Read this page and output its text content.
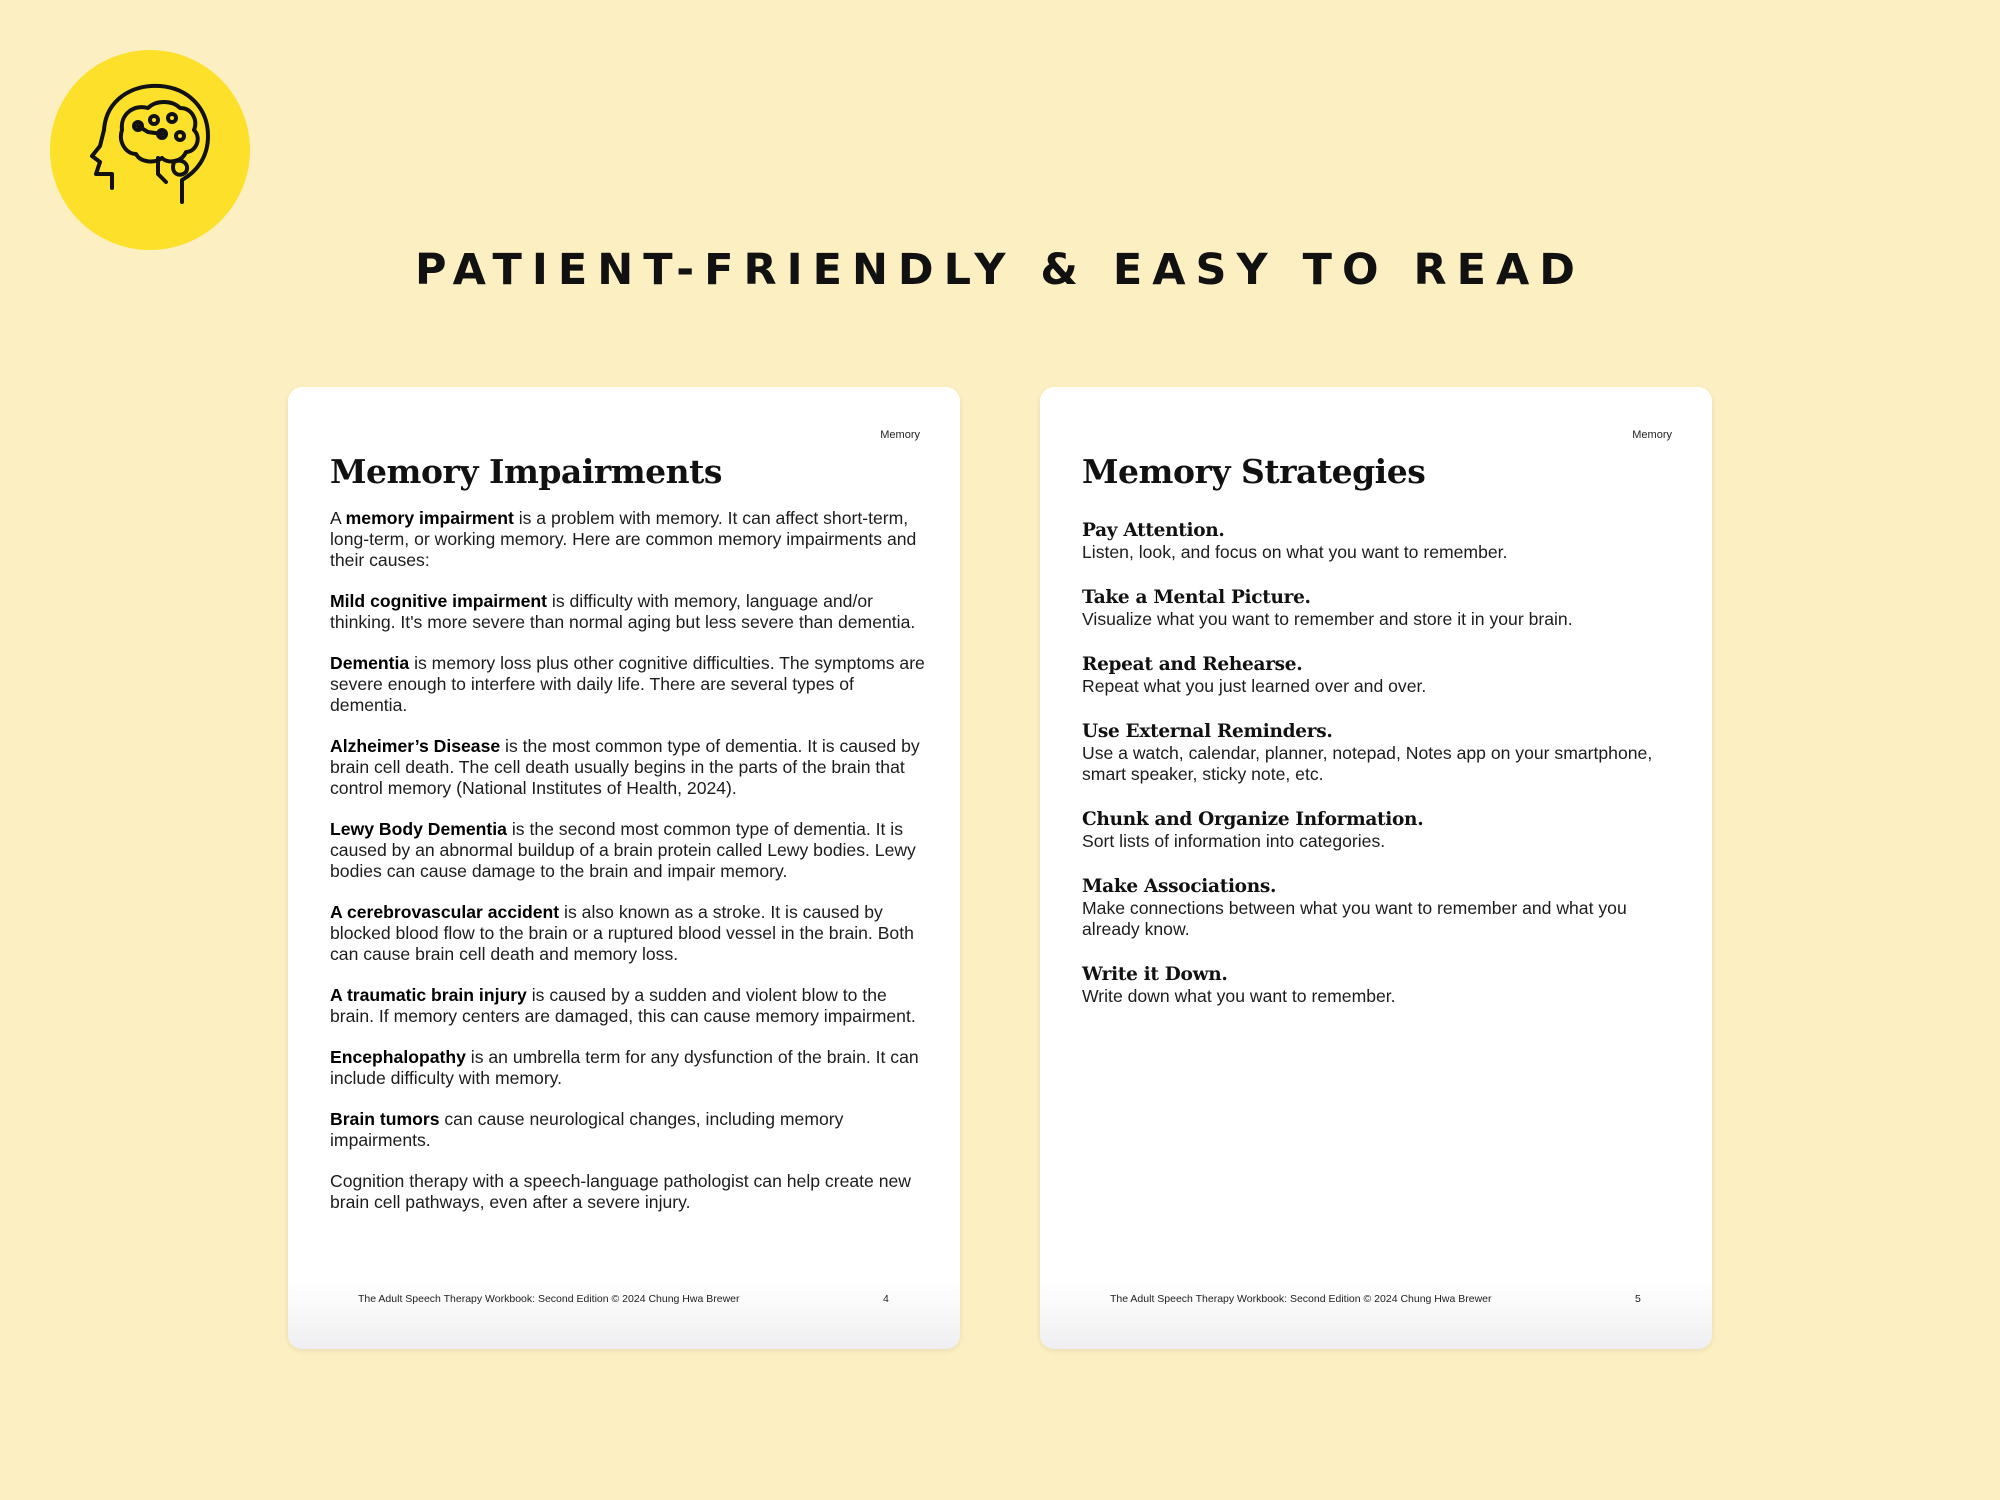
PATIENT-FRIENDLY & EASY TO READ
Memory
Memory Impairments

A memory impairment is a problem with memory. It can affect short-term, long-term, or working memory. Here are common memory impairments and their causes:

Mild cognitive impairment is difficulty with memory, language and/or thinking. It's more severe than normal aging but less severe than dementia.

Dementia is memory loss plus other cognitive difficulties. The symptoms are severe enough to interfere with daily life. There are several types of dementia.

Alzheimer’s Disease is the most common type of dementia. It is caused by brain cell death. The cell death usually begins in the parts of the brain that control memory (National Institutes of Health, 2024).

Lewy Body Dementia is the second most common type of dementia. It is caused by an abnormal buildup of a brain protein called Lewy bodies. Lewy bodies can cause damage to the brain and impair memory.

A cerebrovascular accident is also known as a stroke. It is caused by blocked blood flow to the brain or a ruptured blood vessel in the brain. Both can cause brain cell death and memory loss.

A traumatic brain injury is caused by a sudden and violent blow to the brain. If memory centers are damaged, this can cause memory impairment.

Encephalopathy is an umbrella term for any dysfunction of the brain. It can include difficulty with memory.

Brain tumors can cause neurological changes, including memory impairments.

Cognition therapy with a speech-language pathologist can help create new brain cell pathways, even after a severe injury.

The Adult Speech Therapy Workbook: Second Edition © 2024 Chung Hwa Brewer	4
Memory
Memory Strategies
Pay Attention.
Listen, look, and focus on what you want to remember.
Take a Mental Picture.
Visualize what you want to remember and store it in your brain.
Repeat and Rehearse.
Repeat what you just learned over and over.
Use External Reminders.
Use a watch, calendar, planner, notepad, Notes app on your smartphone, smart speaker, sticky note, etc.
Chunk and Organize Information.
Sort lists of information into categories.
Make Associations.
Make connections between what you want to remember and what you already know.
Write it Down.
Write down what you want to remember.
The Adult Speech Therapy Workbook: Second Edition © 2024 Chung Hwa Brewer	5
